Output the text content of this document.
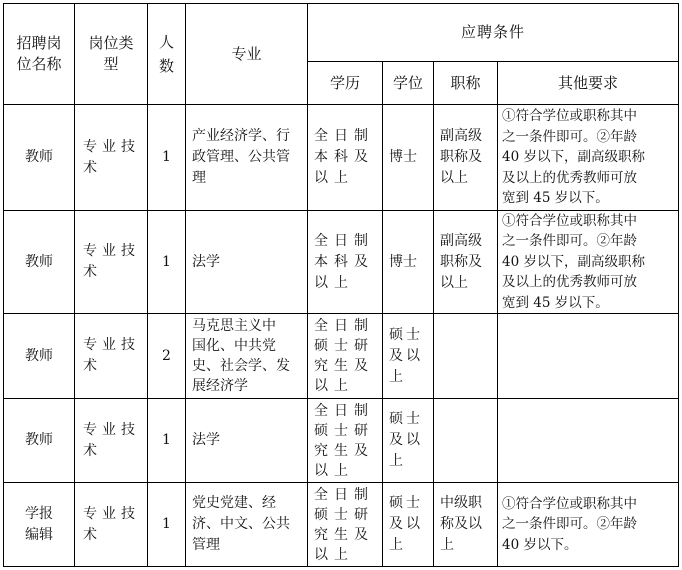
招聘岗
位名称
岗位类
型
人
数
专业
应聘条件
学历 学位 职称	其他要求
教师
专业技
术
1
产业经济学、行
政管理、公共管
理
全日制
本科及
以上
博士
副高级
职称及
以上
①符合学位或职称其中
之一条件即可。②年龄
40 岁以下，副高级职称
及以上的优秀教师可放
宽到 45 岁以下。
教师
专业技
术
1 法学
全日制
本科及
以上
博士
副高级
职称及
以上
①符合学位或职称其中
之一条件即可。②年龄
40 岁以下，副高级职称
及以上的优秀教师可放
宽到 45 岁以下。
教师
专业技
术
2
马克思主义中
国化、中共党
史、社会学、发
展经济学
全日制
硕士研
究生及
以上
硕士
及以
上
教师
专业技
术
1 法学
全日制
硕士研
究生及
以上
硕士
及以
上
学报
编辑
专业技
术
1
党史党建、经
济、中文、公共
管理
全日制
硕士研
究生及
以上
硕士
及以
上
中级职
称及以
上
①符合学位或职称其中
之一条件即可。②年龄
40 岁以下。
